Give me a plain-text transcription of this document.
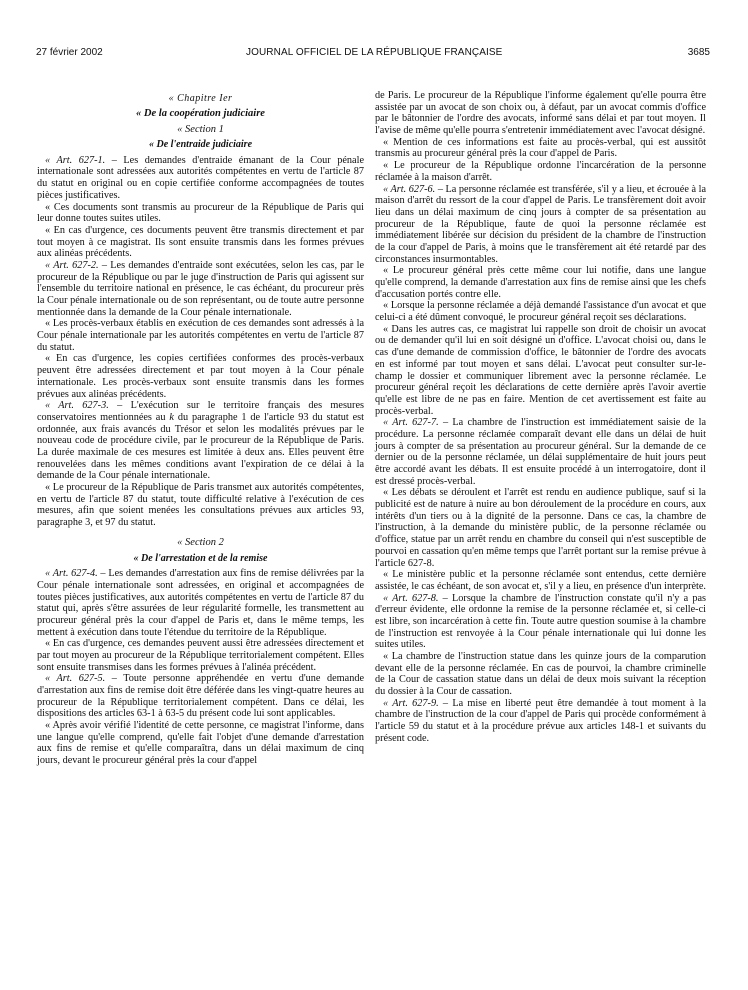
27 février 2002	JOURNAL OFFICIEL DE LA RÉPUBLIQUE FRANÇAISE	3685

« Chapitre Ier

« De la coopération judiciaire

« Section 1

« De l'entraide judiciaire

« Art. 627-1. – Les demandes d'entraide émanant de la Cour pénale internationale sont adressées aux autorités compétentes en vertu de l'article 87 du statut en original ou en copie certifiée conforme accompagnées de toutes pièces justificatives.

« Ces documents sont transmis au procureur de la République de Paris qui leur donne toutes suites utiles.

« En cas d'urgence, ces documents peuvent être transmis directement et par tout moyen à ce magistrat. Ils sont ensuite transmis dans les formes prévues aux alinéas précédents.

« Art. 627-2. – Les demandes d'entraide sont exécutées, selon les cas, par le procureur de la République ou par le juge d'instruction de Paris qui agissent sur l'ensemble du territoire national en présence, le cas échéant, du procureur près la Cour pénale internationale ou de son représentant, ou de toute autre personne mentionnée dans la demande de la Cour pénale internationale.

« Les procès-verbaux établis en exécution de ces demandes sont adressés à la Cour pénale internationale par les autorités compétentes en vertu de l'article 87 du statut.

« En cas d'urgence, les copies certifiées conformes des procès-verbaux peuvent être adressées directement et par tout moyen à la Cour pénale internationale. Les procès-verbaux sont ensuite transmis dans les formes prévues aux alinéas précédents.

« Art. 627-3. – L'exécution sur le territoire français des mesures conservatoires mentionnées au k du paragraphe 1 de l'article 93 du statut est ordonnée, aux frais avancés du Trésor et selon les modalités prévues par le nouveau code de procédure civile, par le procureur de la République de Paris. La durée maximale de ces mesures est limitée à deux ans. Elles peuvent être renouvelées dans les mêmes conditions avant l'expiration de ce délai à la demande de la Cour pénale internationale.

« Le procureur de la République de Paris transmet aux autorités compétentes, en vertu de l'article 87 du statut, toute difficulté relative à l'exécution de ces mesures, afin que soient menées les consultations prévues aux articles 93, paragraphe 3, et 97 du statut.

« Section 2

« De l'arrestation et de la remise

« Art. 627-4. – Les demandes d'arrestation aux fins de remise délivrées par la Cour pénale internationale sont adressées, en original et accompagnées de toutes pièces justificatives, aux autorités compétentes en vertu de l'article 87 du statut qui, après s'être assurées de leur régularité formelle, les transmettent au procureur général près la cour d'appel de Paris et, dans le même temps, les mettent à exécution dans toute l'étendue du territoire de la République.

« En cas d'urgence, ces demandes peuvent aussi être adressées directement et par tout moyen au procureur de la République territorialement compétent. Elles sont ensuite transmises dans les formes prévues à l'alinéa précédent.

« Art. 627-5. – Toute personne appréhendée en vertu d'une demande d'arrestation aux fins de remise doit être déférée dans les vingt-quatre heures au procureur de la République territorialement compétent. Dans ce délai, les dispositions des articles 63-1 à 63-5 du présent code lui sont applicables.

« Après avoir vérifié l'identité de cette personne, ce magistrat l'informe, dans une langue qu'elle comprend, qu'elle fait l'objet d'une demande d'arrestation aux fins de remise et qu'elle comparaîtra, dans un délai maximum de cinq jours, devant le procureur général près la cour d'appel

de Paris. Le procureur de la République l'informe également qu'elle pourra être assistée par un avocat de son choix ou, à défaut, par un avocat commis d'office par le bâtonnier de l'ordre des avocats, informé sans délai et par tout moyen. Il l'avise de même qu'elle pourra s'entretenir immédiatement avec l'avocat désigné.

« Mention de ces informations est faite au procès-verbal, qui est aussitôt transmis au procureur général près la cour d'appel de Paris.

« Le procureur de la République ordonne l'incarcération de la personne réclamée à la maison d'arrêt.

« Art. 627-6. – La personne réclamée est transférée, s'il y a lieu, et écrouée à la maison d'arrêt du ressort de la cour d'appel de Paris. Le transfèrement doit avoir lieu dans un délai maximum de cinq jours à compter de sa présentation au procureur de la République, faute de quoi la personne réclamée est immédiatement libérée sur décision du président de la chambre de l'instruction de la cour d'appel de Paris, à moins que le transfèrement ait été retardé par des circonstances insurmontables.

« Le procureur général près cette même cour lui notifie, dans une langue qu'elle comprend, la demande d'arrestation aux fins de remise ainsi que les chefs d'accusation portés contre elle.

« Lorsque la personne réclamée a déjà demandé l'assistance d'un avocat et que celui-ci a été dûment convoqué, le procureur général reçoit ses déclarations.

« Dans les autres cas, ce magistrat lui rappelle son droit de choisir un avocat ou de demander qu'il lui en soit désigné un d'office. L'avocat choisi ou, dans le cas d'une demande de commission d'office, le bâtonnier de l'ordre des avocats en est informé par tout moyen et sans délai. L'avocat peut consulter sur-le-champ le dossier et communiquer librement avec la personne réclamée. Le procureur général reçoit les déclarations de cette dernière après l'avoir avertie qu'elle est libre de ne pas en faire. Mention de cet avertissement est faite au procès-verbal.

« Art. 627-7. – La chambre de l'instruction est immédiatement saisie de la procédure. La personne réclamée comparaît devant elle dans un délai de huit jours à compter de sa présentation au procureur général. Sur la demande de ce dernier ou de la personne réclamée, un délai supplémentaire de huit jours peut être accordé avant les débats. Il est ensuite procédé à un interrogatoire, dont il est dressé procès-verbal.

« Les débats se déroulent et l'arrêt est rendu en audience publique, sauf si la publicité est de nature à nuire au bon déroulement de la procédure en cours, aux intérêts d'un tiers ou à la dignité de la personne. Dans ce cas, la chambre de l'instruction, à la demande du ministère public, de la personne réclamée ou d'office, statue par un arrêt rendu en chambre du conseil qui n'est susceptible de pourvoi en cassation qu'en même temps que l'arrêt portant sur la remise prévue à l'article 627-8.

« Le ministère public et la personne réclamée sont entendus, cette dernière assistée, le cas échéant, de son avocat et, s'il y a lieu, en présence d'un interprète.

« Art. 627-8. – Lorsque la chambre de l'instruction constate qu'il n'y a pas d'erreur évidente, elle ordonne la remise de la personne réclamée et, si celle-ci est libre, son incarcération à cette fin. Toute autre question soumise à la chambre de l'instruction est renvoyée à la Cour pénale internationale qui lui donne les suites utiles.

« La chambre de l'instruction statue dans les quinze jours de la comparution devant elle de la personne réclamée. En cas de pourvoi, la chambre criminelle de la Cour de cassation statue dans un délai de deux mois suivant la réception du dossier à la Cour de cassation.

« Art. 627-9. – La mise en liberté peut être demandée à tout moment à la chambre de l'instruction de la cour d'appel de Paris qui procède conformément à l'article 59 du statut et à la procédure prévue aux articles 148-1 et suivants du présent code.
